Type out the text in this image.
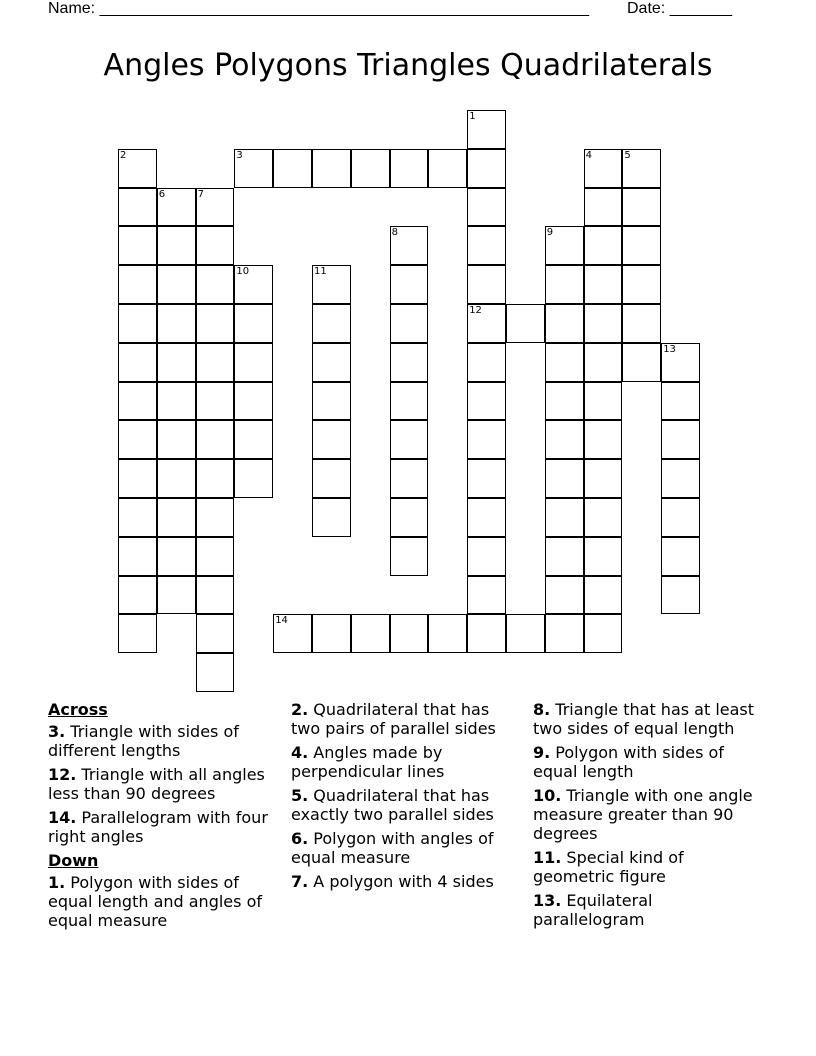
Name: _______________________________________________________ Date: _______
Angles Polygons Triangles Quadrilaterals
1
12
2	3	4	5
6	7
8	9
10	11
13
14
Across
3. Triangle with sides of different lengths
12. Triangle with all angles less than 90 degrees
14. Parallelogram with four right angles
Down
1. Polygon with sides of equal length and angles of equal measure
2. Quadrilateral that has two pairs of parallel sides
4. Angles made by perpendicular lines
5. Quadrilateral that has exactly two parallel sides
6. Polygon with angles of equal measure
7. A polygon with 4 sides
8. Triangle that has at least two sides of equal length
9. Polygon with sides of equal length
10. Triangle with one angle measure greater than 90 degrees
11. Special kind of geometric figure
13. Equilateral parallelogram
